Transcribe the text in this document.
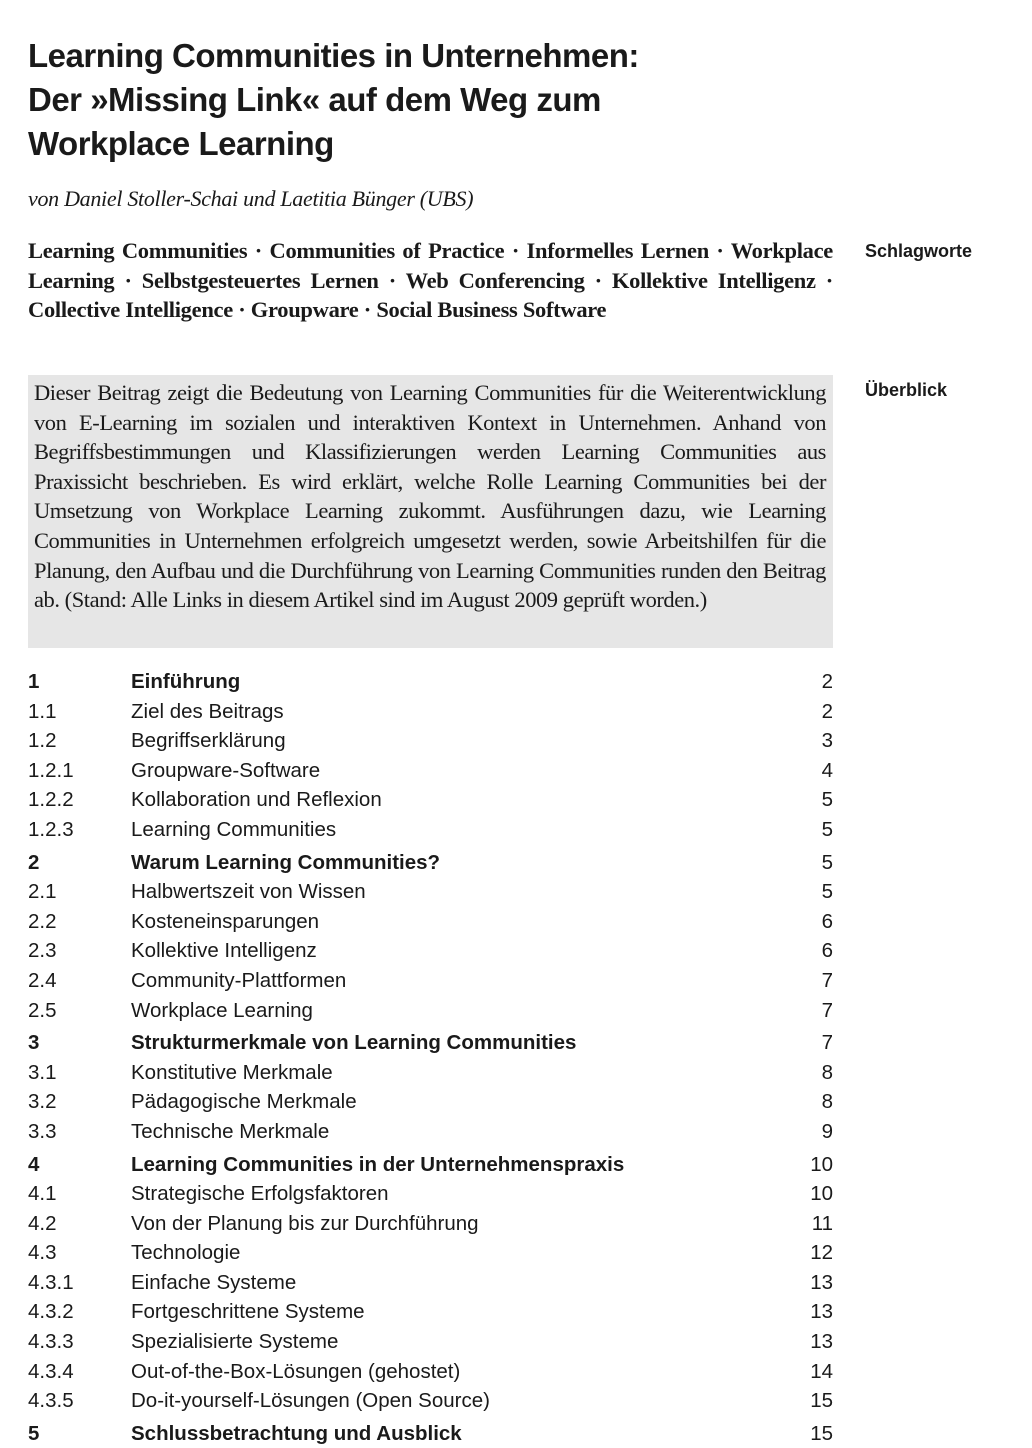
Learning Communities in Unternehmen:
Der »Missing Link« auf dem Weg zum
Workplace Learning
von Daniel Stoller-Schai und Laetitia Bünger (UBS)
Learning Communities · Communities of Practice · Informelles Lernen · Workplace Learning · Selbstgesteuertes Lernen · Web Conferencing · Kollektive Intelligenz · Collective Intelligence · Groupware · Social Business Software
Schlagworte
Dieser Beitrag zeigt die Bedeutung von Learning Communities für die Weiterentwicklung von E-Learning im sozialen und interaktiven Kontext in Unternehmen. Anhand von Begriffsbestimmungen und Klassifizierungen werden Learning Communities aus Praxissicht beschrieben. Es wird erklärt, welche Rolle Learning Communities bei der Umsetzung von Workplace Learning zukommt. Ausführungen dazu, wie Learning Communities in Unternehmen erfolgreich umgesetzt werden, sowie Arbeitshilfen für die Planung, den Aufbau und die Durchführung von Learning Communities runden den Beitrag ab. (Stand: Alle Links in diesem Artikel sind im August 2009 geprüft worden.)
Überblick
1	Einführung	2
1.1	Ziel des Beitrags	2
1.2	Begriffserklärung	3
1.2.1	Groupware-Software	4
1.2.2	Kollaboration und Reflexion	5
1.2.3	Learning Communities	5
2	Warum Learning Communities?	5
2.1	Halbwertszeit von Wissen	5
2.2	Kosteneinsparungen	6
2.3	Kollektive Intelligenz	6
2.4	Community-Plattformen	7
2.5	Workplace Learning	7
3	Strukturmerkmale von Learning Communities	7
3.1	Konstitutive Merkmale	8
3.2	Pädagogische Merkmale	8
3.3	Technische Merkmale	9
4	Learning Communities in der Unternehmenspraxis	10
4.1	Strategische Erfolgsfaktoren	10
4.2	Von der Planung bis zur Durchführung	11
4.3	Technologie	12
4.3.1	Einfache Systeme	13
4.3.2	Fortgeschrittene Systeme	13
4.3.3	Spezialisierte Systeme	13
4.3.4	Out-of-the-Box-Lösungen (gehostet)	14
4.3.5	Do-it-yourself-Lösungen (Open Source)	15
5	Schlussbetrachtung und Ausblick	15
